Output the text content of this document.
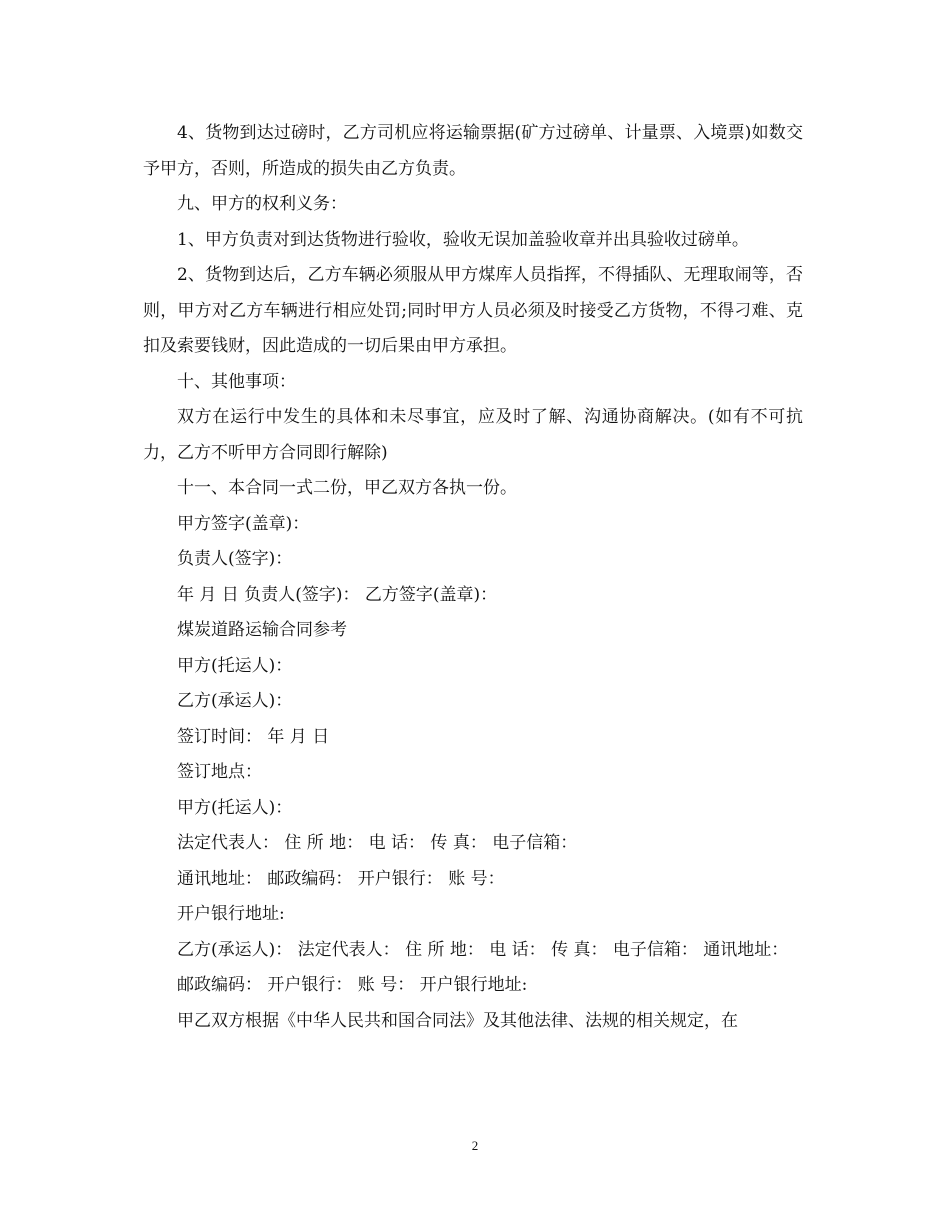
4、货物到达过磅时，乙方司机应将运输票据(矿方过磅单、计量票、入境票)如数交予甲方，否则，所造成的损失由乙方负责。

九、甲方的权利义务：

1、甲方负责对到达货物进行验收，验收无误加盖验收章并出具验收过磅单。

2、货物到达后，乙方车辆必须服从甲方煤库人员指挥，不得插队、无理取闹等，否则，甲方对乙方车辆进行相应处罚;同时甲方人员必须及时接受乙方货物，不得刁难、克扣及索要钱财，因此造成的一切后果由甲方承担。

十、其他事项：

双方在运行中发生的具体和未尽事宜，应及时了解、沟通协商解决。(如有不可抗力，乙方不听甲方合同即行解除)

十一、本合同一式二份，甲乙双方各执一份。

甲方签字(盖章)：

负责人(签字)：

年 月 日 负责人(签字)： 乙方签字(盖章)：

煤炭道路运输合同参考

甲方(托运人)：

乙方(承运人)：

签订时间： 年 月 日

签订地点：

甲方(托运人)：

法定代表人： 住 所 地： 电 话： 传 真： 电子信箱：

通讯地址： 邮政编码： 开户银行： 账 号：

开户银行地址:

乙方(承运人)： 法定代表人： 住 所 地： 电 话： 传 真： 电子信箱： 通讯地址：

邮政编码： 开户银行： 账 号： 开户银行地址:

甲乙双方根据《中华人民共和国合同法》及其他法律、法规的相关规定，在

2
